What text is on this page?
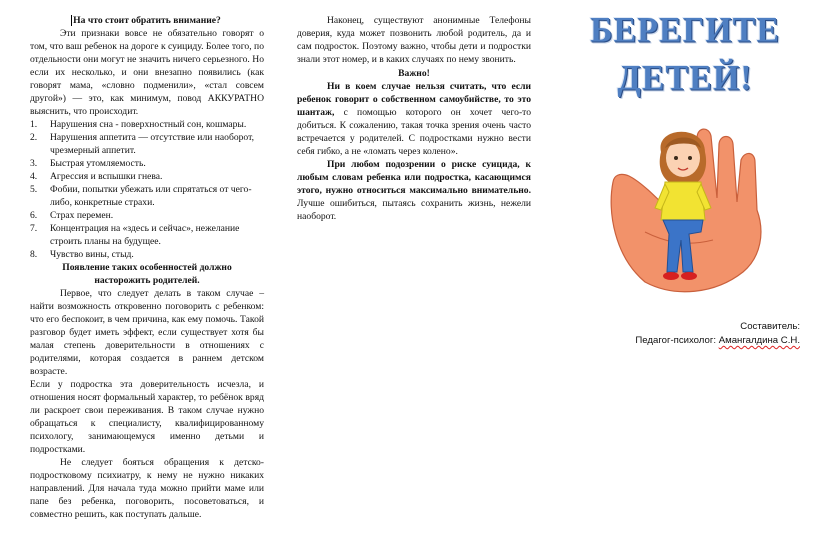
На что стоит обратить внимание?

Эти признаки вовсе не обязательно говорят о том, что ваш ребенок на дороге к суициду. Более того, по отдельности они могут не значить ничего серьезного. Но если их несколько, и они внезапно появились (как говорят мама, «словно подменили», «стал совсем другой») — это, как минимум, повод АККУРАТНО выяснить, что происходит.

1. Нарушения сна - поверхностный сон, кошмары.
2. Нарушения аппетита — отсутствие или наоборот, чрезмерный аппетит.
3. Быстрая утомляемость.
4. Агрессия и вспышки гнева.
5. Фобии, попытки убежать или спрятаться от чего-либо, конкретные страхи.
6. Страх перемен.
7. Концентрация на «здесь и сейчас», нежелание строить планы на будущее.
8. Чувство вины, стыд.

Появление таких особенностей должно насторожить родителей.

Первое, что следует делать в таком случае – найти возможность откровенно поговорить с ребенком: что его беспокоит, в чем причина, как ему помочь. Такой разговор будет иметь эффект, если существует хотя бы малая степень доверительности в отношениях с родителями, которая создается в раннем детском возрасте.

Если у подростка эта доверительность исчезла, и отношения носят формальный характер, то ребёнок вряд ли раскроет свои переживания. В таком случае нужно обращаться к специалисту, квалифицированному психологу, занимающемуся именно детьми и подростками.

Не следует бояться обращения к детско-подростковому психиатру, к нему не нужно никаких направлений. Для начала туда можно прийти маме или папе без ребенка, поговорить, посоветоваться, и совместно решить, как поступать дальше.

Наконец, существуют анонимные Телефоны доверия, куда может позвонить любой родитель, да и сам подросток. Поэтому важно, чтобы дети и подростки знали этот номер, и в каких случаях по нему звонить.

Важно!

Ни в коем случае нельзя считать, что если ребенок говорит о собственном самоубийстве, то это шантаж, с помощью которого он хочет чего-то добиться. К сожалению, такая точка зрения очень часто встречается у родителей. С подростками нужно вести себя гибко, а не «ломать через колено».

При любом подозрении о риске суицида, к любым словам ребенка или подростка, касающимся этого, нужно относиться максимально внимательно. Лучше ошибиться, пытаясь сохранить жизнь, нежели наоборот.

БЕРЕГИТЕ
ДЕТЕЙ!
Составитель:
Педагог-психолог: Амангалдина С.Н.
